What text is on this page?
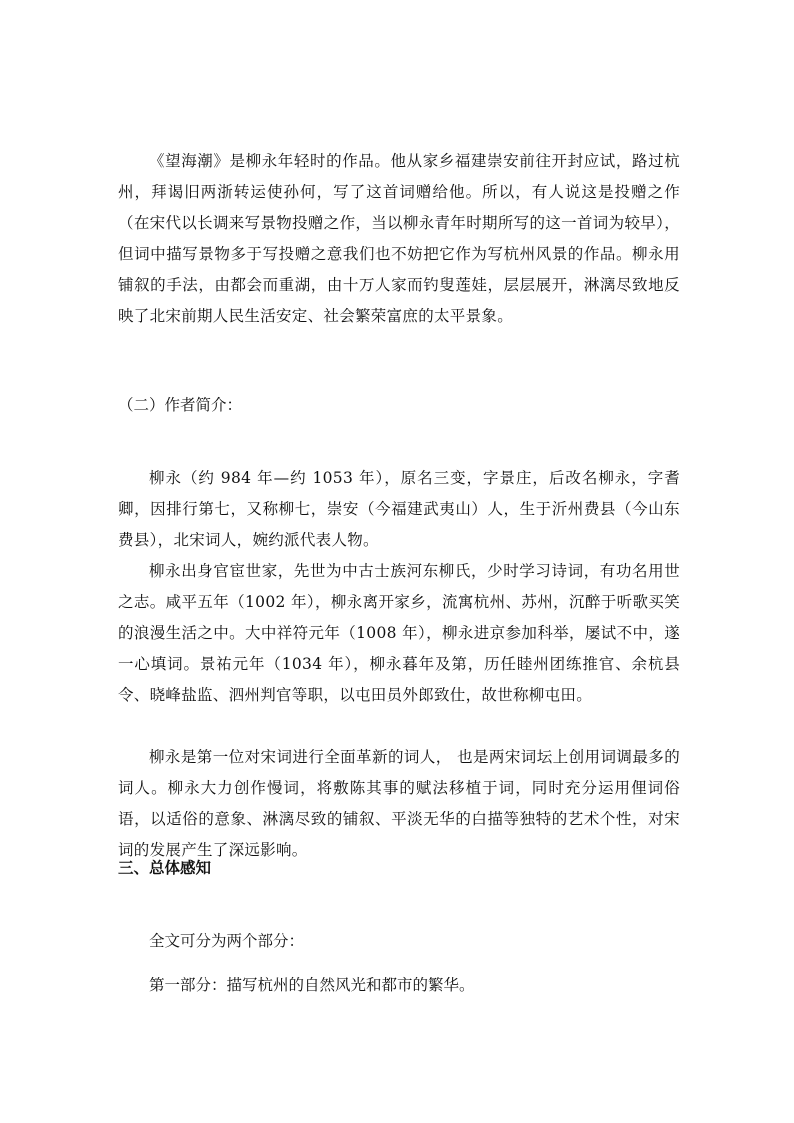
《望海潮》是柳永年轻时的作品。他从家乡福建崇安前往开封应试，路过杭州，拜谒旧两浙转运使孙何，写了这首词赠给他。所以，有人说这是投赠之作（在宋代以长调来写景物投赠之作，当以柳永青年时期所写的这一首词为较早），但词中描写景物多于写投赠之意我们也不妨把它作为写杭州风景的作品。柳永用铺叙的手法，由都会而重湖，由十万人家而钓叟莲娃，层层展开，淋漓尽致地反映了北宋前期人民生活安定、社会繁荣富庶的太平景象。

（二）作者简介：

柳永（约 984 年—约 1053 年），原名三变，字景庄，后改名柳永，字耆卿，因排行第七，又称柳七，崇安（今福建武夷山）人，生于沂州费县（今山东费县），北宋词人，婉约派代表人物。

柳永出身官宦世家，先世为中古士族河东柳氏，少时学习诗词，有功名用世之志。咸平五年（1002 年），柳永离开家乡，流寓杭州、苏州，沉醉于听歌买笑的浪漫生活之中。大中祥符元年（1008 年），柳永进京参加科举，屡试不中，遂一心填词。景祐元年（1034 年），柳永暮年及第，历任睦州团练推官、余杭县令、晓峰盐监、泗州判官等职，以屯田员外郎致仕，故世称柳屯田。

柳永是第一位对宋词进行全面革新的词人， 也是两宋词坛上创用词调最多的词人。柳永大力创作慢词，将敷陈其事的赋法移植于词，同时充分运用俚词俗语，以适俗的意象、淋漓尽致的铺叙、平淡无华的白描等独特的艺术个性，对宋词的发展产生了深远影响。

三、总体感知
全文可分为两个部分：
第一部分：描写杭州的自然风光和都市的繁华。
